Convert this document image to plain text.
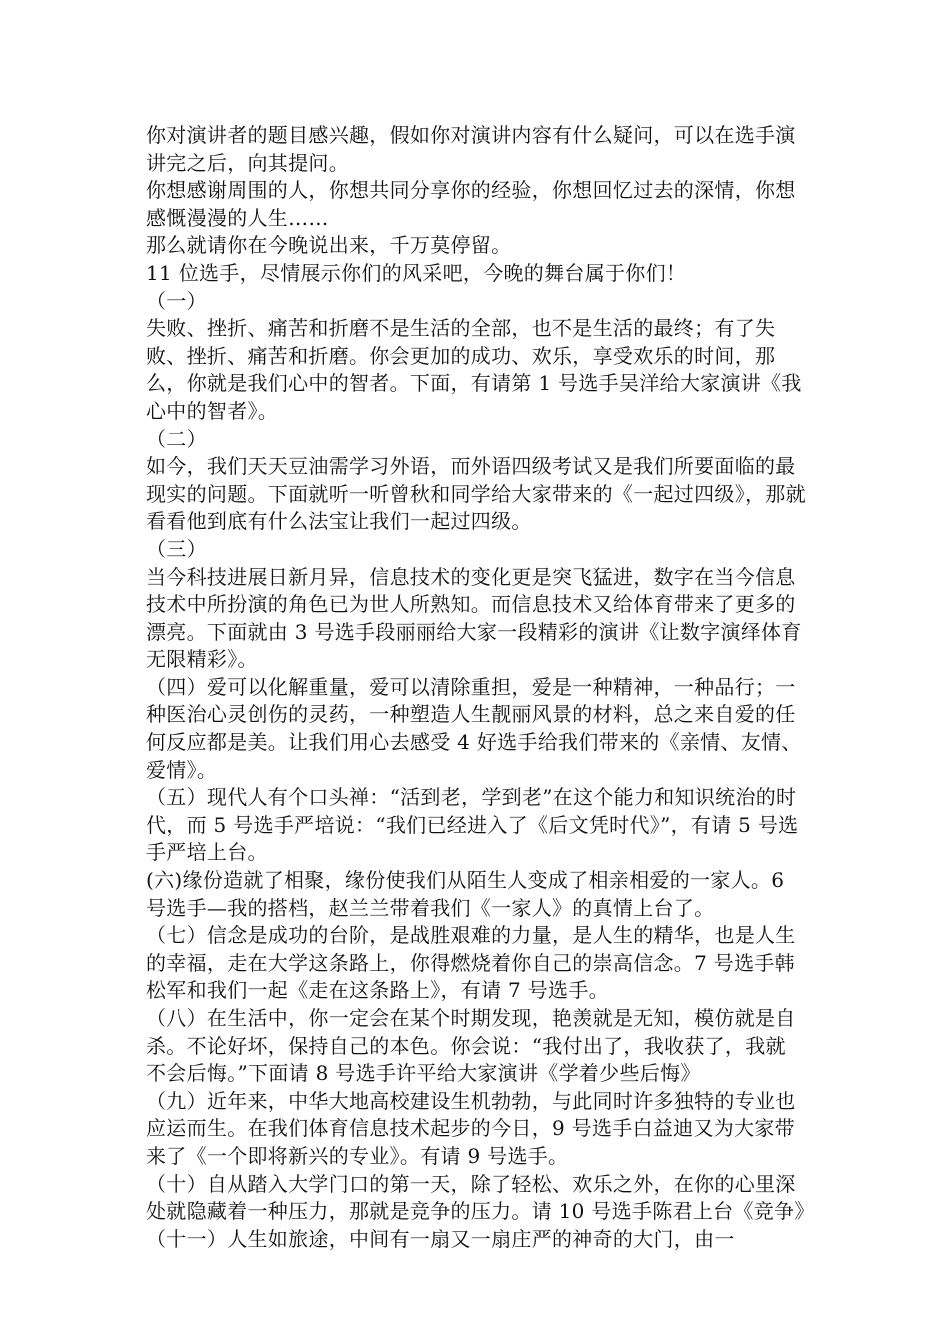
你对演讲者的题目感兴趣，假如你对演讲内容有什么疑问，可以在选手演讲完之后，向其提问。

你想感谢周围的人，你想共同分享你的经验，你想回忆过去的深情，你想感慨漫漫的人生……

那么就请你在今晚说出来，千万莫停留。

11 位选手，尽情展示你们的风采吧，今晚的舞台属于你们！

（一）

失败、挫折、痛苦和折磨不是生活的全部，也不是生活的最终；有了失败、挫折、痛苦和折磨。你会更加的成功、欢乐，享受欢乐的时间，那么，你就是我们心中的智者。下面，有请第 1 号选手吴洋给大家演讲《我心中的智者》。

（二）

如今，我们天天豆油需学习外语，而外语四级考试又是我们所要面临的最现实的问题。下面就听一听曾秋和同学给大家带来的《一起过四级》，那就看看他到底有什么法宝让我们一起过四级。

（三）

当今科技进展日新月异，信息技术的变化更是突飞猛进，数字在当今信息技术中所扮演的角色已为世人所熟知。而信息技术又给体育带来了更多的漂亮。下面就由 3 号选手段丽丽给大家一段精彩的演讲《让数字演绎体育无限精彩》。

（四）爱可以化解重量，爱可以清除重担，爱是一种精神，一种品行；一种医治心灵创伤的灵药，一种塑造人生靓丽风景的材料，总之来自爱的任何反应都是美。让我们用心去感受 4 好选手给我们带来的《亲情、友情、爱情》。

（五）现代人有个口头禅：“活到老，学到老”在这个能力和知识统治的时代，而 5 号选手严培说：“我们已经进入了《后文凭时代》”，有请 5 号选手严培上台。

(六)缘份造就了相聚，缘份使我们从陌生人变成了相亲相爱的一家人。6 号选手—我的搭档，赵兰兰带着我们《一家人》的真情上台了。

（七）信念是成功的台阶，是战胜艰难的力量，是人生的精华，也是人生的幸福，走在大学这条路上，你得燃烧着你自己的崇高信念。7 号选手韩松军和我们一起《走在这条路上》，有请 7 号选手。

（八）在生活中，你一定会在某个时期发现，艳羡就是无知，模仿就是自杀。不论好坏，保持自己的本色。你会说：“我付出了，我收获了，我就不会后悔。”下面请 8 号选手许平给大家演讲《学着少些后悔》

（九）近年来，中华大地高校建设生机勃勃，与此同时许多独特的专业也应运而生。在我们体育信息技术起步的今日，9 号选手白益迪又为大家带来了《一个即将新兴的专业》。有请 9 号选手。

（十）自从踏入大学门口的第一天，除了轻松、欢乐之外，在你的心里深处就隐藏着一种压力，那就是竞争的压力。请 10 号选手陈君上台《竞争》

（十一）人生如旅途，中间有一扇又一扇庄严的神奇的大门，由一
